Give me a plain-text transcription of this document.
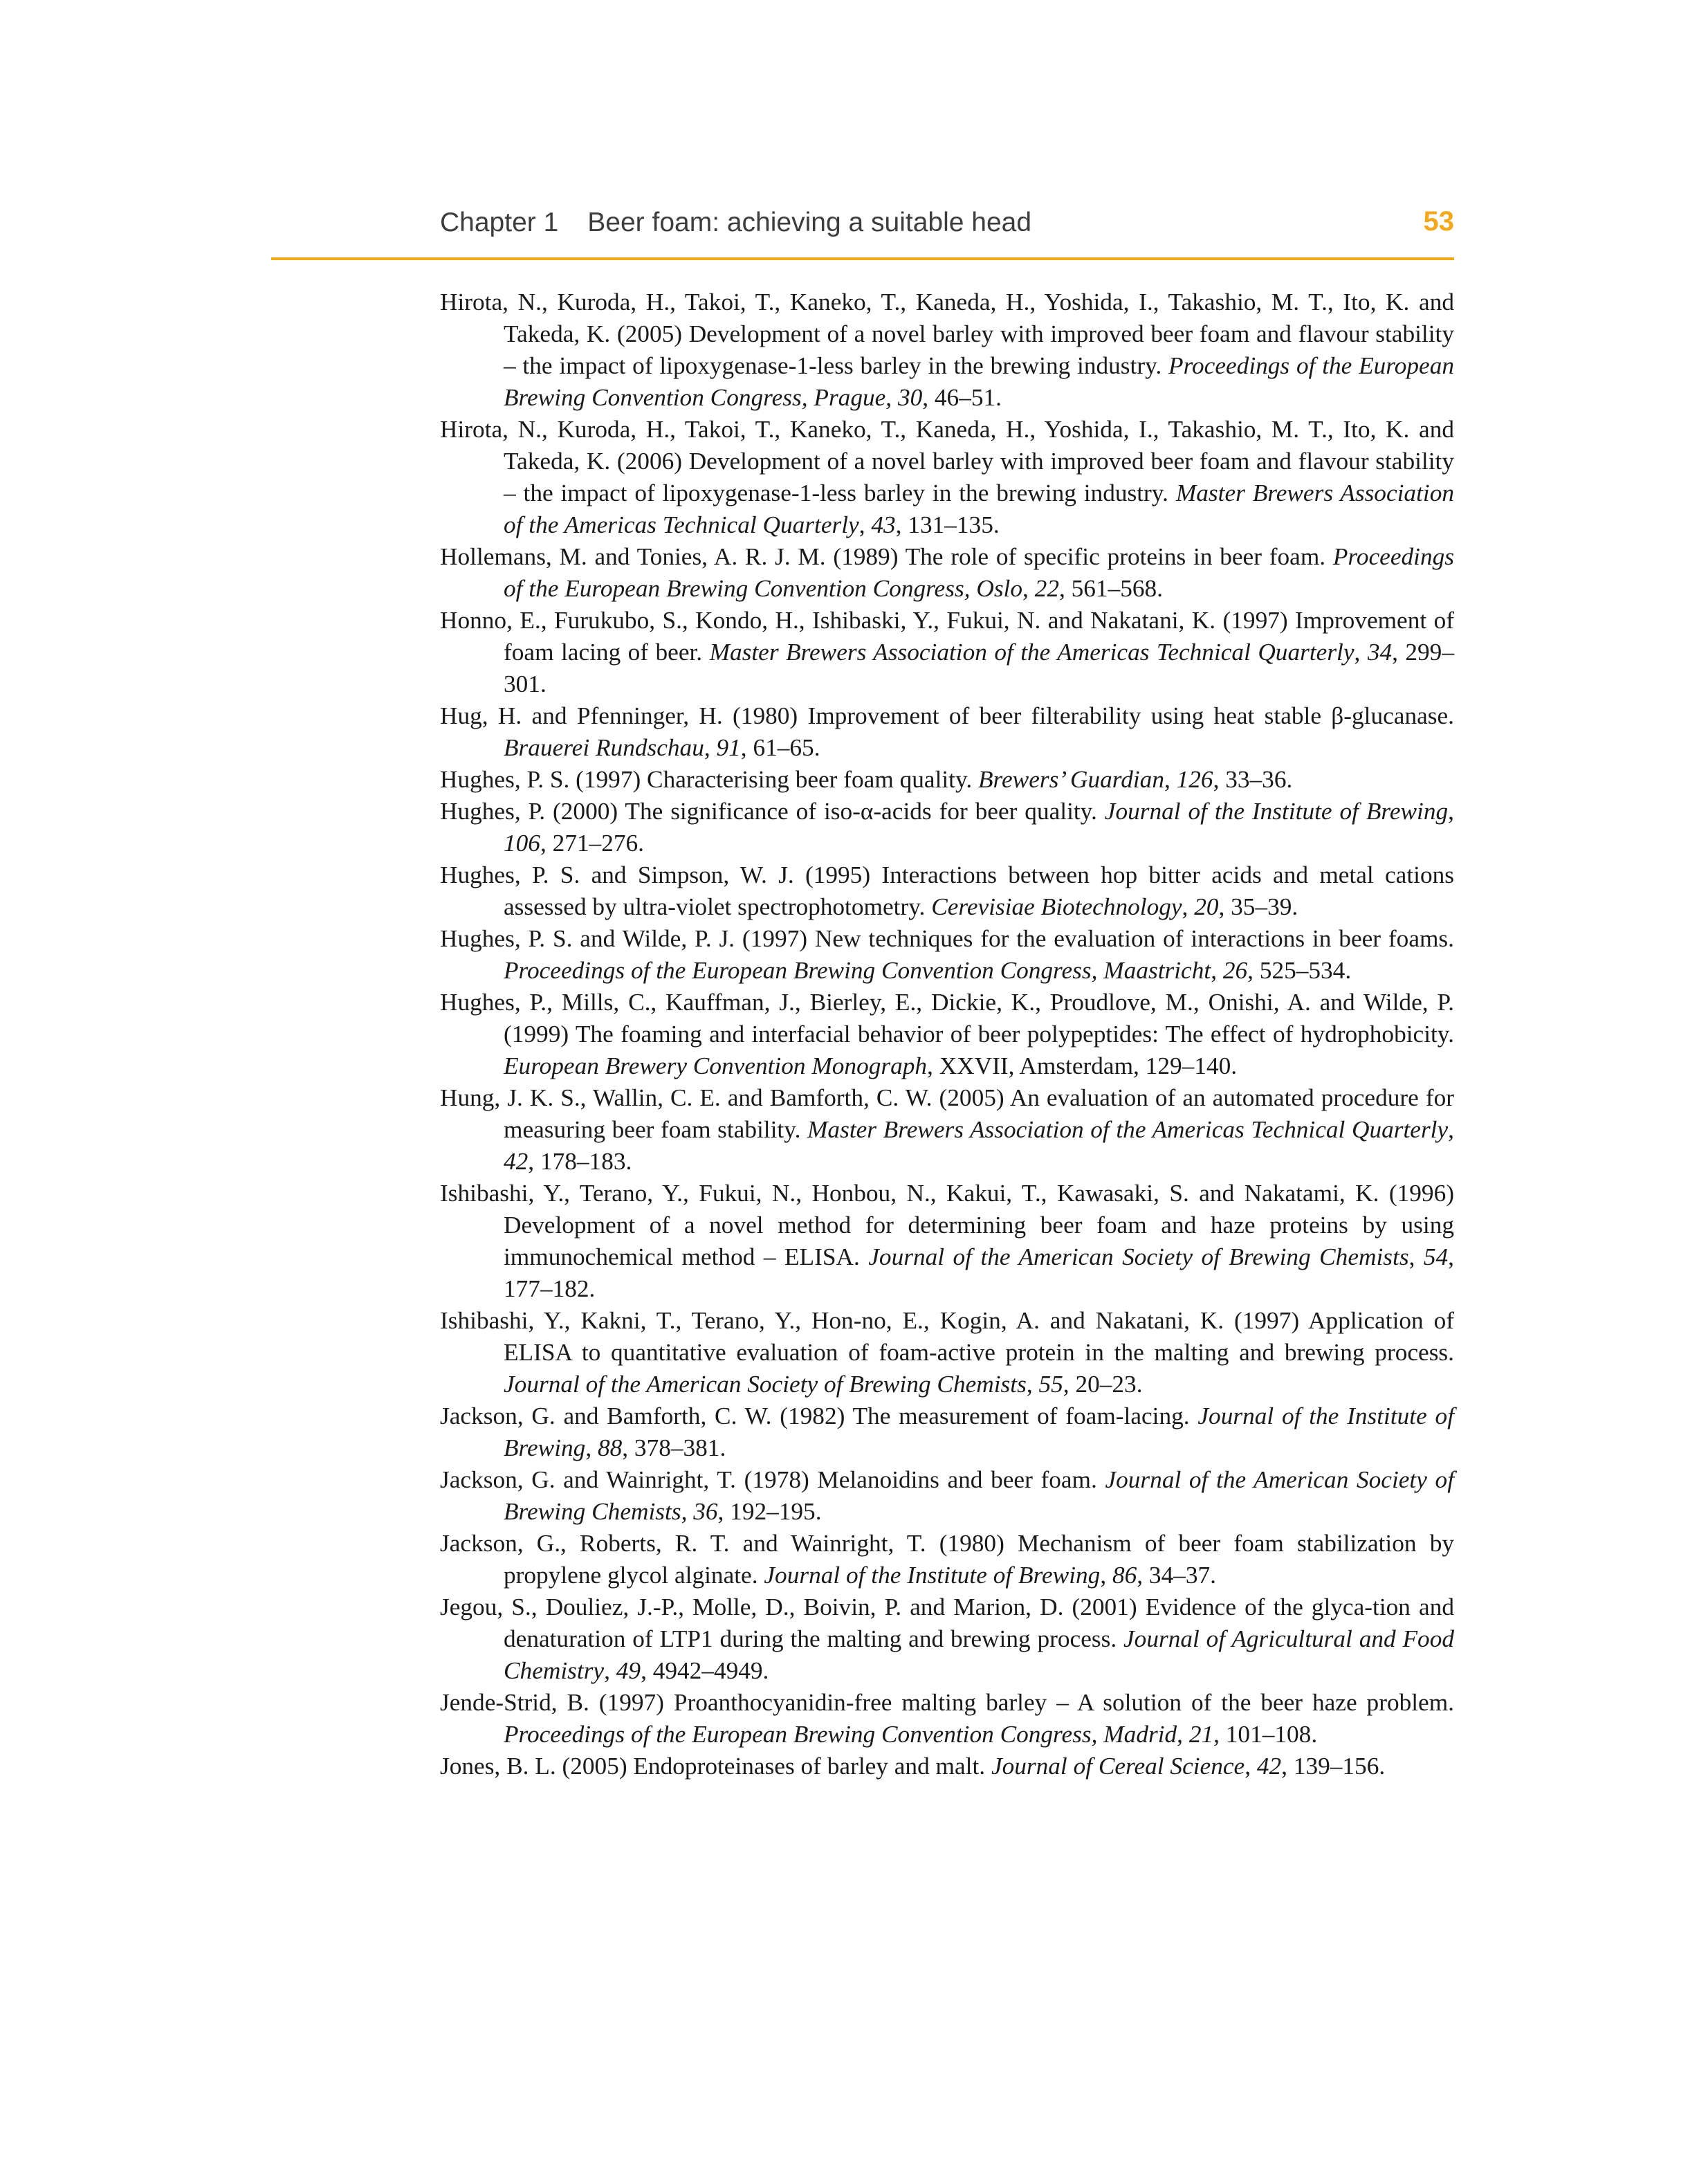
Chapter 1 Beer foam: achieving a suitable head	53
Hirota, N., Kuroda, H., Takoi, T., Kaneko, T., Kaneda, H., Yoshida, I., Takashio, M. T., Ito, K. and Takeda, K. (2005) Development of a novel barley with improved beer foam and flavour stability – the impact of lipoxygenase-1-less barley in the brewing industry. Proceedings of the European Brewing Convention Congress, Prague, 30, 46–51.
Hirota, N., Kuroda, H., Takoi, T., Kaneko, T., Kaneda, H., Yoshida, I., Takashio, M. T., Ito, K. and Takeda, K. (2006) Development of a novel barley with improved beer foam and flavour stability – the impact of lipoxygenase-1-less barley in the brewing industry. Master Brewers Association of the Americas Technical Quarterly, 43, 131–135.
Hollemans, M. and Tonies, A. R. J. M. (1989) The role of specific proteins in beer foam. Proceedings of the European Brewing Convention Congress, Oslo, 22, 561–568.
Honno, E., Furukubo, S., Kondo, H., Ishibaski, Y., Fukui, N. and Nakatani, K. (1997) Improvement of foam lacing of beer. Master Brewers Association of the Americas Technical Quarterly, 34, 299–301.
Hug, H. and Pfenninger, H. (1980) Improvement of beer filterability using heat stable β-glucanase. Brauerei Rundschau, 91, 61–65.
Hughes, P. S. (1997) Characterising beer foam quality. Brewers’ Guardian, 126, 33–36.
Hughes, P. (2000) The significance of iso-α-acids for beer quality. Journal of the Institute of Brewing, 106, 271–276.
Hughes, P. S. and Simpson, W. J. (1995) Interactions between hop bitter acids and metal cations assessed by ultra-violet spectrophotometry. Cerevisiae Biotechnology, 20, 35–39.
Hughes, P. S. and Wilde, P. J. (1997) New techniques for the evaluation of interactions in beer foams. Proceedings of the European Brewing Convention Congress, Maastricht, 26, 525–534.
Hughes, P., Mills, C., Kauffman, J., Bierley, E., Dickie, K., Proudlove, M., Onishi, A. and Wilde, P. (1999) The foaming and interfacial behavior of beer polypeptides: The effect of hydrophobicity. European Brewery Convention Monograph, XXVII, Amsterdam, 129–140.
Hung, J. K. S., Wallin, C. E. and Bamforth, C. W. (2005) An evaluation of an automated procedure for measuring beer foam stability. Master Brewers Association of the Americas Technical Quarterly, 42, 178–183.
Ishibashi, Y., Terano, Y., Fukui, N., Honbou, N., Kakui, T., Kawasaki, S. and Nakatami, K. (1996) Development of a novel method for determining beer foam and haze proteins by using immunochemical method – ELISA. Journal of the American Society of Brewing Chemists, 54, 177–182.
Ishibashi, Y., Kakni, T., Terano, Y., Hon-no, E., Kogin, A. and Nakatani, K. (1997) Application of ELISA to quantitative evaluation of foam-active protein in the malting and brewing process. Journal of the American Society of Brewing Chemists, 55, 20–23.
Jackson, G. and Bamforth, C. W. (1982) The measurement of foam-lacing. Journal of the Institute of Brewing, 88, 378–381.
Jackson, G. and Wainright, T. (1978) Melanoidins and beer foam. Journal of the American Society of Brewing Chemists, 36, 192–195.
Jackson, G., Roberts, R. T. and Wainright, T. (1980) Mechanism of beer foam stabilization by propylene glycol alginate. Journal of the Institute of Brewing, 86, 34–37.
Jegou, S., Douliez, J.-P., Molle, D., Boivin, P. and Marion, D. (2001) Evidence of the glyca-tion and denaturation of LTP1 during the malting and brewing process. Journal of Agricultural and Food Chemistry, 49, 4942–4949.
Jende-Strid, B. (1997) Proanthocyanidin-free malting barley – A solution of the beer haze problem. Proceedings of the European Brewing Convention Congress, Madrid, 21, 101–108.
Jones, B. L. (2005) Endoproteinases of barley and malt. Journal of Cereal Science, 42, 139–156.
